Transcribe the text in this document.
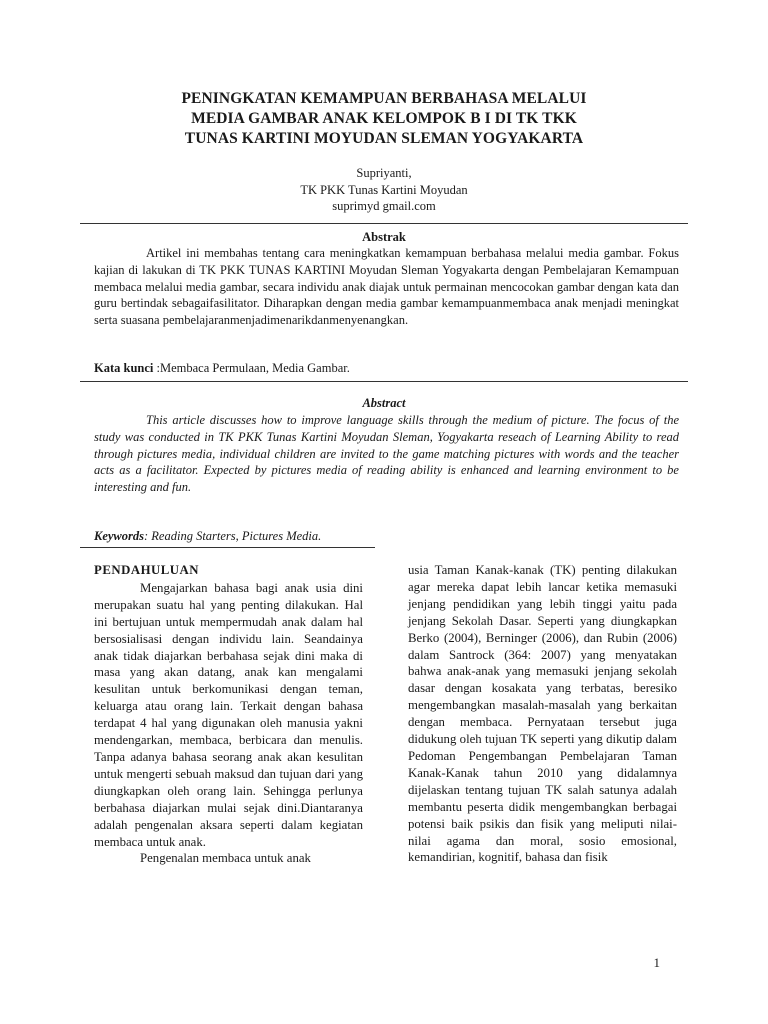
PENINGKATAN KEMAMPUAN BERBAHASA MELALUI
MEDIA GAMBAR ANAK KELOMPOK B I DI TK TKK
TUNAS KARTINI MOYUDAN SLEMAN YOGYAKARTA
Supriyanti,
TK PKK Tunas Kartini Moyudan
suprimyd gmail.com
Abstrak
Artikel ini membahas tentang cara meningkatkan kemampuan berbahasa melalui media gambar. Fokus kajian di lakukan di TK PKK TUNAS KARTINI Moyudan Sleman Yogyakarta dengan Pembelajaran Kemampuan membaca melalui media gambar, secara individu anak diajak untuk permainan mencocokan gambar dengan kata dan guru bertindak sebagaifasilitator. Diharapkan dengan media gambar kemampuanmembaca anak menjadi meningkat serta suasana pembelajaranmenjadimenarikdanmenyenangkan.
Kata kunci :Membaca Permulaan, Media Gambar.
Abstract
This article discusses how to improve language skills through the medium of picture. The focus of the study was conducted in TK PKK Tunas Kartini Moyudan Sleman, Yogyakarta reseach of Learning Ability to read through pictures media, individual children are invited to the game matching pictures with words and the teacher acts as a facilitator. Expected by pictures media of reading ability is enhanced and learning environment to be interesting and fun.
Keywords: Reading Starters, Pictures Media.
PENDAHULUAN

Mengajarkan bahasa bagi anak usia dini merupakan suatu hal yang penting dilakukan. Hal ini bertujuan untuk mempermudah anak dalam hal bersosialisasi dengan individu lain. Seandainya anak tidak diajarkan berbahasa sejak dini maka di masa yang akan datang, anak kan mengalami kesulitan untuk berkomunikasi dengan teman, keluarga atau orang lain. Terkait dengan bahasa terdapat 4 hal yang digunakan oleh manusia yakni mendengarkan, membaca, berbicara dan menulis. Tanpa adanya bahasa seorang anak akan kesulitan untuk mengerti sebuah maksud dan tujuan dari yang diungkapkan oleh orang lain. Sehingga perlunya berbahasa diajarkan mulai sejak dini.Diantaranya adalah pengenalan aksara seperti dalam kegiatan membaca untuk anak.

Pengenalan membaca untuk anak

usia Taman Kanak-kanak (TK) penting dilakukan agar mereka dapat lebih lancar ketika memasuki jenjang pendidikan yang lebih tinggi yaitu pada jenjang Sekolah Dasar. Seperti yang diungkapkan Berko (2004), Berninger (2006), dan Rubin (2006) dalam Santrock (364: 2007) yang menyatakan bahwa anak-anak yang memasuki jenjang sekolah dasar dengan kosakata yang terbatas, beresiko mengembangkan masalah-masalah yang berkaitan dengan membaca. Pernyataan tersebut juga didukung oleh tujuan TK seperti yang dikutip dalam Pedoman Pengembangan Pembelajaran Taman Kanak-Kanak tahun 2010 yang didalamnya dijelaskan tentang tujuan TK salah satunya adalah membantu peserta didik mengembangkan berbagai potensi baik psikis dan fisik yang meliputi nilai-nilai agama dan moral, sosio emosional, kemandirian, kognitif, bahasa dan fisik

1
